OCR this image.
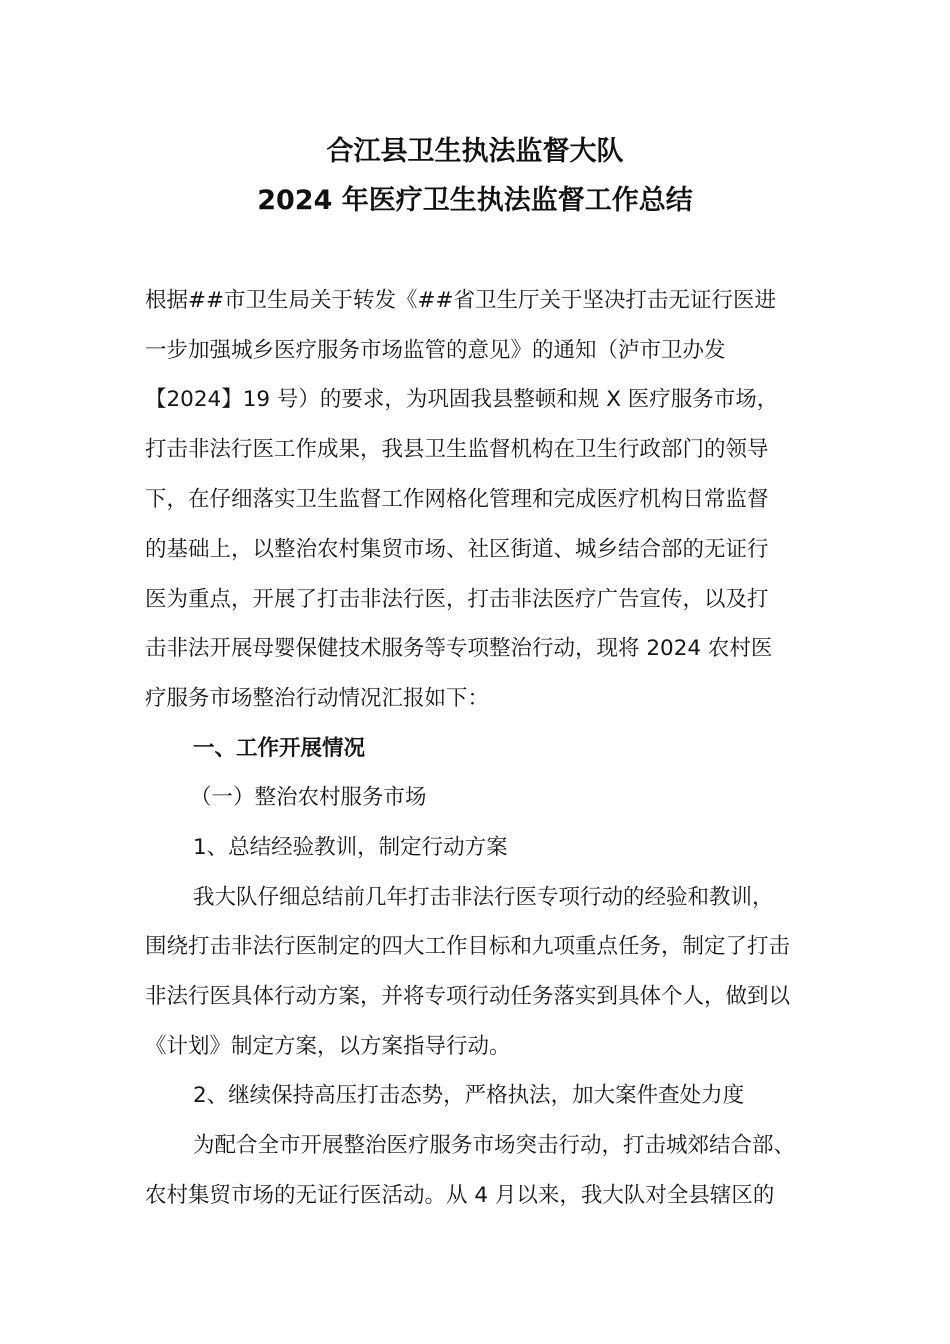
合江县卫生执法监督大队
2024 年医疗卫生执法监督工作总结
根据##市卫生局关于转发《##省卫生厅关于坚决打击无证行医进
一步加强城乡医疗服务市场监管的意见》的通知（泸市卫办发
【2024】19 号）的要求，为巩固我县整顿和规 X 医疗服务市场，
打击非法行医工作成果，我县卫生监督机构在卫生行政部门的领导
下，在仔细落实卫生监督工作网格化管理和完成医疗机构日常监督
的基础上，以整治农村集贸市场、社区街道、城乡结合部的无证行
医为重点，开展了打击非法行医，打击非法医疗广告宣传，以及打
击非法开展母婴保健技术服务等专项整治行动，现将 2024 农村医
疗服务市场整治行动情况汇报如下：
一、工作开展情况
（一）整治农村服务市场
1、总结经验教训，制定行动方案
我大队仔细总结前几年打击非法行医专项行动的经验和教训，
围绕打击非法行医制定的四大工作目标和九项重点任务，制定了打击
非法行医具体行动方案，并将专项行动任务落实到具体个人，做到以
《计划》制定方案，以方案指导行动。
2、继续保持高压打击态势，严格执法，加大案件查处力度
为配合全市开展整治医疗服务市场突击行动，打击城郊结合部、
农村集贸市场的无证行医活动。从 4 月以来，我大队对全县辖区的
